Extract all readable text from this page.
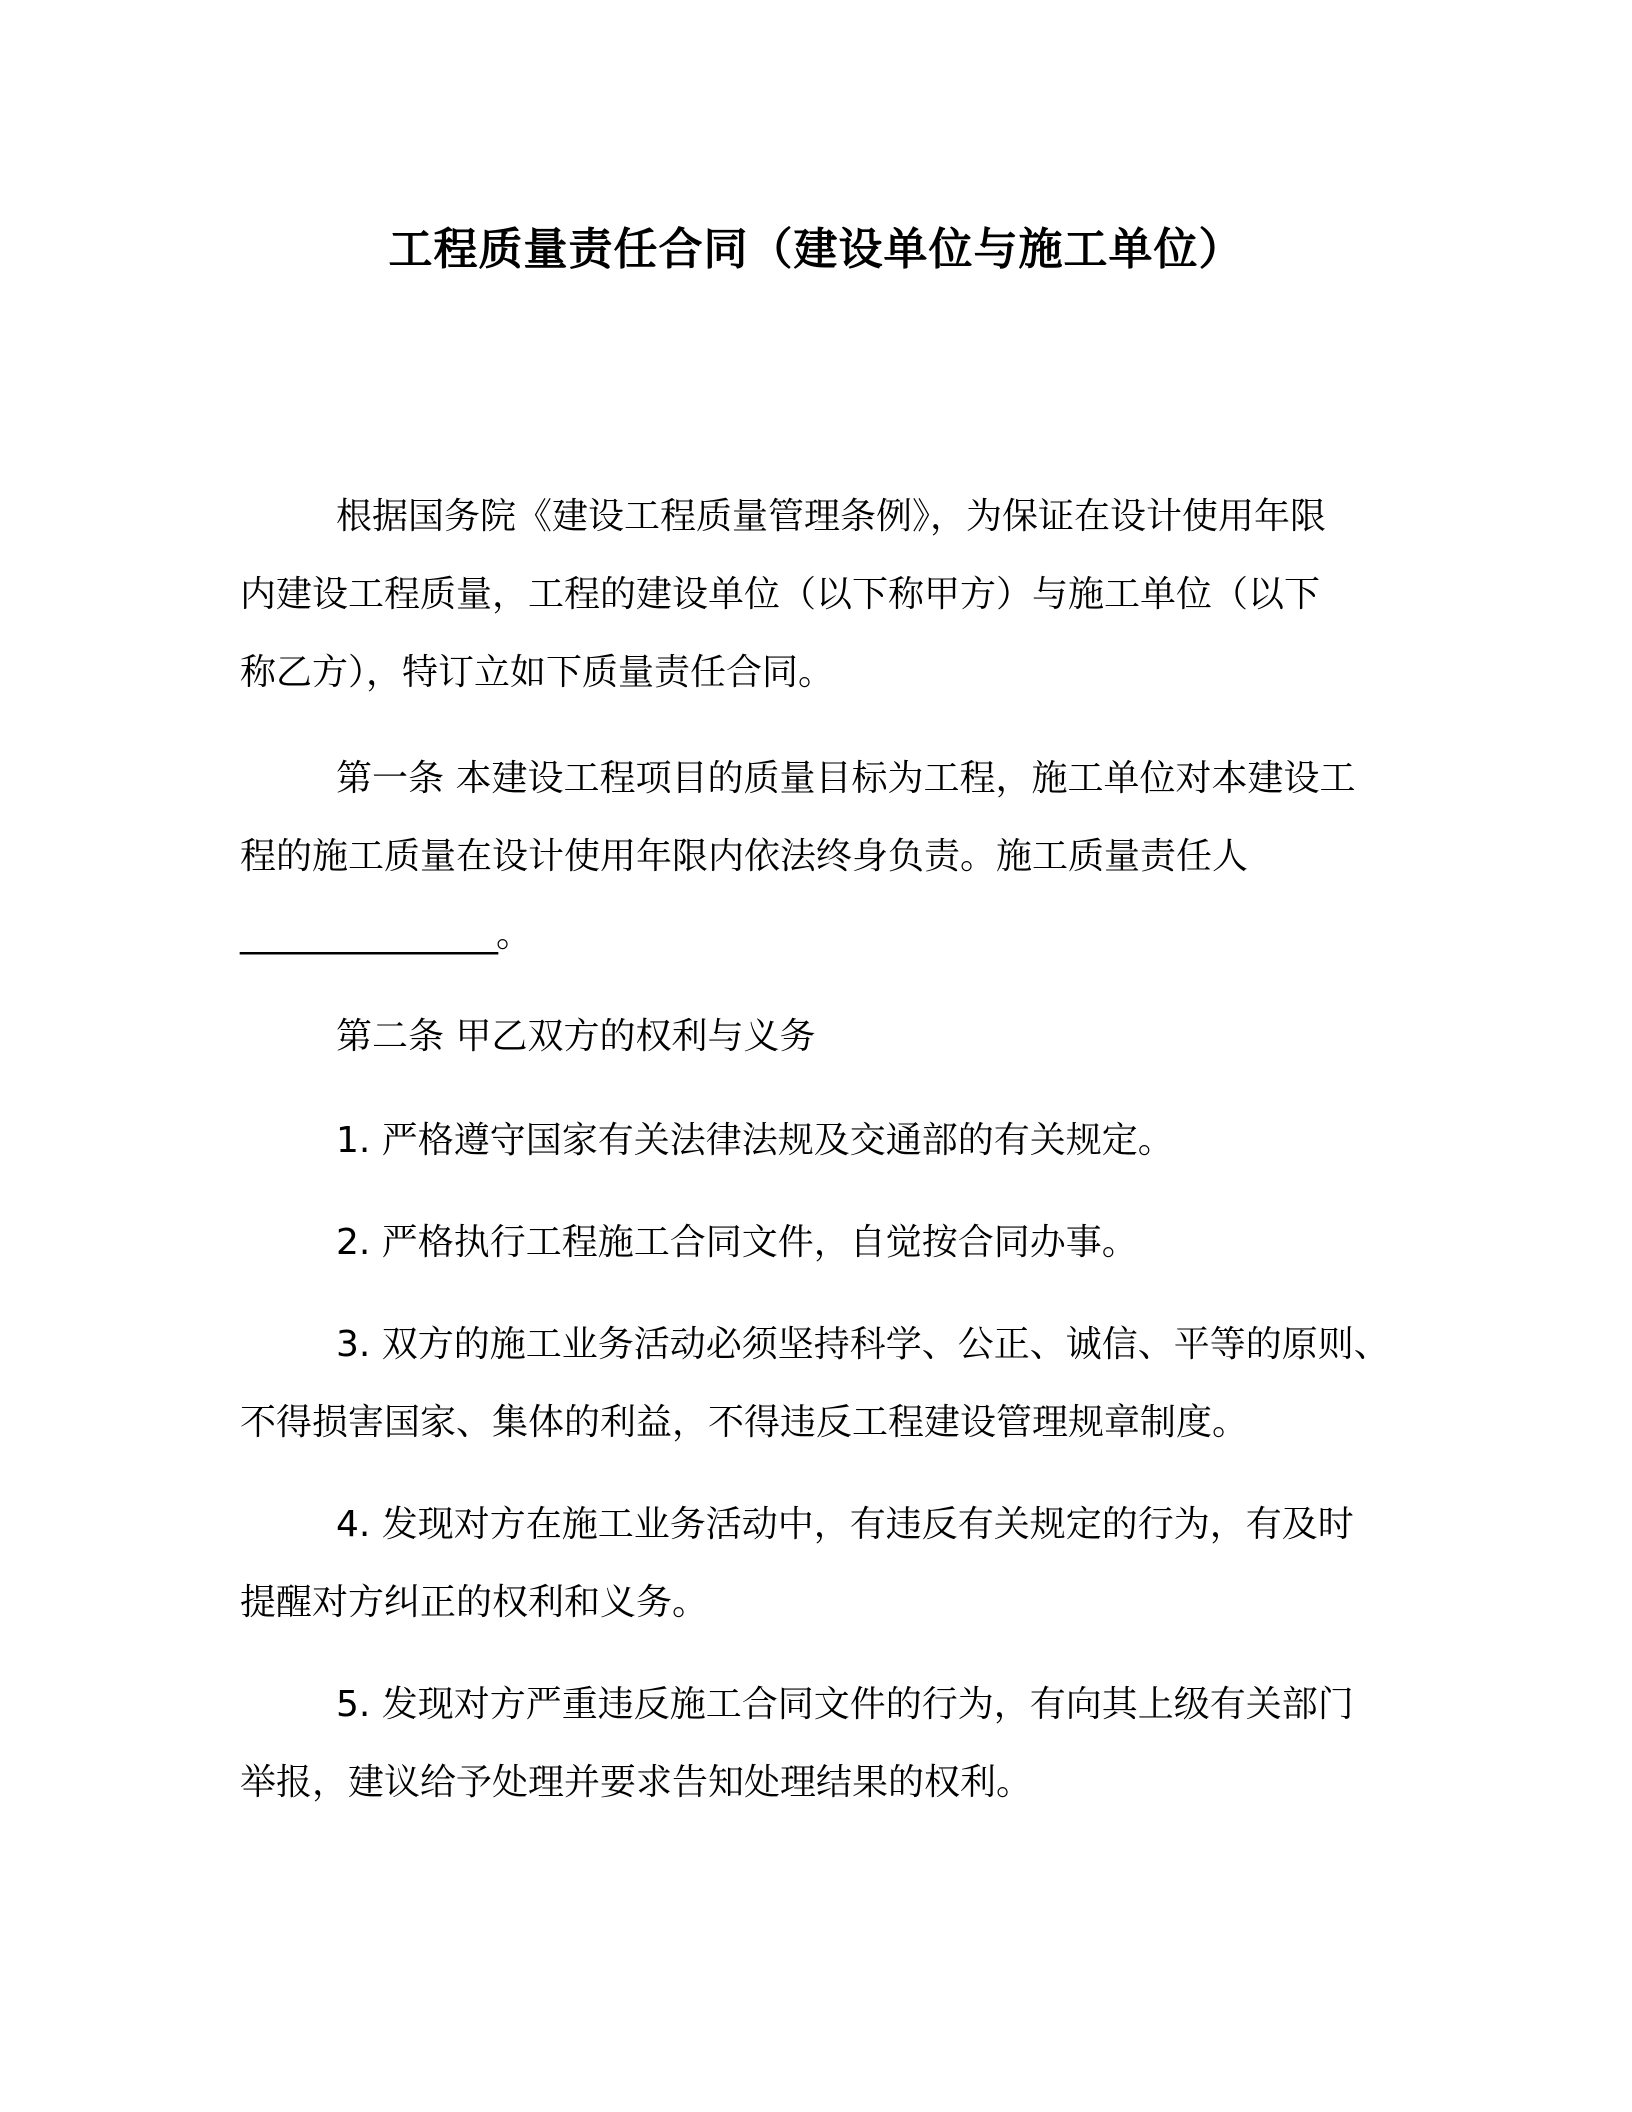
工程质量责任合同（建设单位与施工单位）

根据国务院《建设工程质量管理条例》，为保证在设计使用年限
内建设工程质量，工程的建设单位（以下称甲方）与施工单位（以下
称乙方），特订立如下质量责任合同。

第一条 本建设工程项目的质量目标为工程，施工单位对本建设工
程的施工质量在设计使用年限内依法终身负责。施工质量责任人
________________。

第二条 甲乙双方的权利与义务

1. 严格遵守国家有关法律法规及交通部的有关规定。

2. 严格执行工程施工合同文件，自觉按合同办事。

3. 双方的施工业务活动必须坚持科学、公正、诚信、平等的原则、
不得损害国家、集体的利益，不得违反工程建设管理规章制度。

4. 发现对方在施工业务活动中，有违反有关规定的行为，有及时
提醒对方纠正的权利和义务。

5. 发现对方严重违反施工合同文件的行为，有向其上级有关部门
举报，建议给予处理并要求告知处理结果的权利。
